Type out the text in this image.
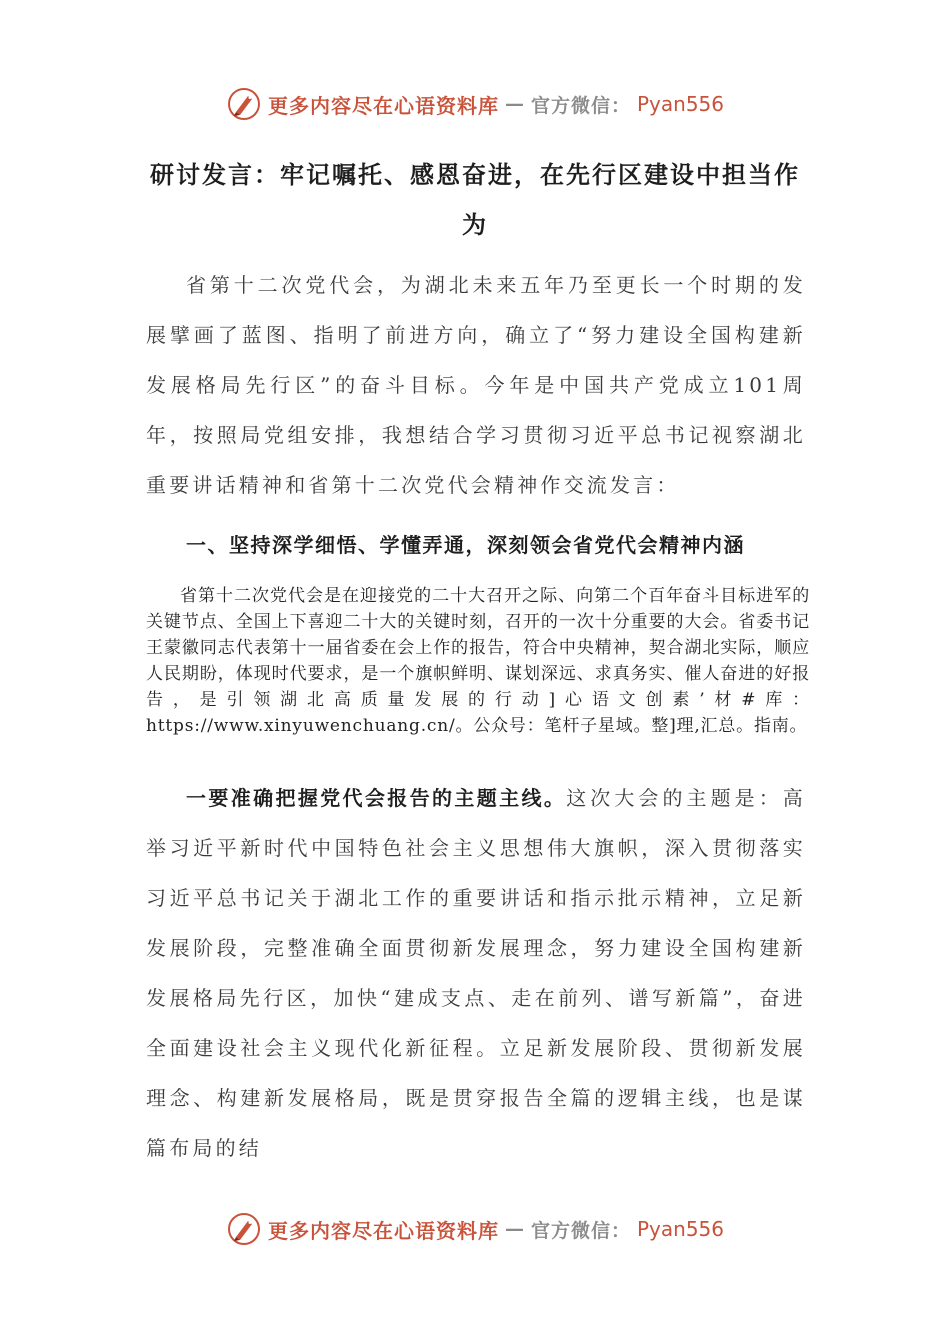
更多内容尽在心语资料库 — 官方微信： Pyan556
研讨发言：牢记嘱托、感恩奋进，在先行区建设中担当作为
省第十二次党代会，为湖北未来五年乃至更长一个时期的发展擘画了蓝图、指明了前进方向，确立了“努力建设全国构建新发展格局先行区”的奋斗目标。今年是中国共产党成立101周年，按照局党组安排，我想结合学习贯彻习近平总书记视察湖北重要讲话精神和省第十二次党代会精神作交流发言：
一、坚持深学细悟、学懂弄通，深刻领会省党代会精神内涵
省第十二次党代会是在迎接党的二十大召开之际、向第二个百年奋斗目标进军的关键节点、全国上下喜迎二十大的关键时刻，召开的一次十分重要的大会。省委书记王蒙徽同志代表第十一届省委在会上作的报告，符合中央精神，契合湖北实际，顺应人民期盼，体现时代要求，是一个旗帜鲜明、谋划深远、求真务实、催人奋进的好报告，是引领湖北高质量发展的行动]心语文创素’材#库：https://www.xinyuwenchuang.cn/。公众号：笔杆子星域。整]理,汇总。指南。
一要准确把握党代会报告的主题主线。这次大会的主题是：高举习近平新时代中国特色社会主义思想伟大旗帜，深入贯彻落实习近平总书记关于湖北工作的重要讲话和指示批示精神，立足新发展阶段，完整准确全面贯彻新发展理念，努力建设全国构建新发展格局先行区，加快“建成支点、走在前列、谱写新篇”，奋进全面建设社会主义现代化新征程。立足新发展阶段、贯彻新发展理念、构建新发展格局，既是贯穿报告全篇的逻辑主线，也是谋篇布局的结
更多内容尽在心语资料库 — 官方微信： Pyan556
